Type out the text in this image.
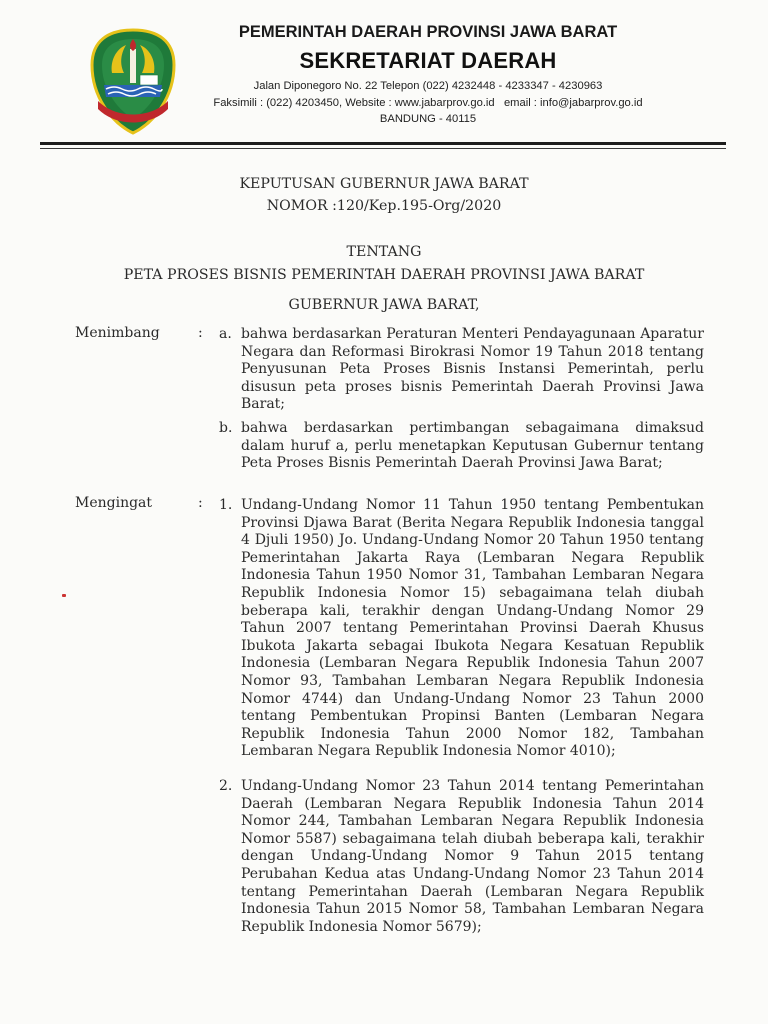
PEMERINTAH DAERAH PROVINSI JAWA BARAT
SEKRETARIAT DAERAH
Jalan Diponegoro No. 22 Telepon (022) 4232448 - 4233347 - 4230963
Faksimili : (022) 4203450, Website : www.jabarprov.go.id   email : info@jabarprov.go.id
BANDUNG - 40115
KEPUTUSAN GUBERNUR JAWA BARAT
NOMOR :120/Kep.195-Org/2020
TENTANG
PETA PROSES BISNIS PEMERINTAH DAERAH PROVINSI JAWA BARAT
GUBERNUR JAWA BARAT,
Menimbang	: a. bahwa berdasarkan Peraturan Menteri Pendayagunaan Aparatur Negara dan Reformasi Birokrasi Nomor 19 Tahun 2018 tentang Penyusunan Peta Proses Bisnis Instansi Pemerintah, perlu disusun peta proses bisnis Pemerintah Daerah Provinsi Jawa Barat;
b. bahwa berdasarkan pertimbangan sebagaimana dimaksud dalam huruf a, perlu menetapkan Keputusan Gubernur tentang Peta Proses Bisnis Pemerintah Daerah Provinsi Jawa Barat;
Mengingat	: 1. Undang-Undang Nomor 11 Tahun 1950 tentang Pembentukan Provinsi Djawa Barat (Berita Negara Republik Indonesia tanggal 4 Djuli 1950) Jo. Undang-Undang Nomor 20 Tahun 1950 tentang Pemerintahan Jakarta Raya (Lembaran Negara Republik Indonesia Tahun 1950 Nomor 31, Tambahan Lembaran Negara Republik Indonesia Nomor 15) sebagaimana telah diubah beberapa kali, terakhir dengan Undang-Undang Nomor 29 Tahun 2007 tentang Pemerintahan Provinsi Daerah Khusus Ibukota Jakarta sebagai Ibukota Negara Kesatuan Republik Indonesia (Lembaran Negara Republik Indonesia Tahun 2007 Nomor 93, Tambahan Lembaran Negara Republik Indonesia Nomor 4744) dan Undang-Undang Nomor 23 Tahun 2000 tentang Pembentukan Propinsi Banten (Lembaran Negara Republik Indonesia Tahun 2000 Nomor 182, Tambahan Lembaran Negara Republik Indonesia Nomor 4010);
2. Undang-Undang Nomor 23 Tahun 2014 tentang Pemerintahan Daerah (Lembaran Negara Republik Indonesia Tahun 2014 Nomor 244, Tambahan Lembaran Negara Republik Indonesia Nomor 5587) sebagaimana telah diubah beberapa kali, terakhir dengan Undang-Undang Nomor 9 Tahun 2015 tentang Perubahan Kedua atas Undang-Undang Nomor 23 Tahun 2014 tentang Pemerintahan Daerah (Lembaran Negara Republik Indonesia Tahun 2015 Nomor 58, Tambahan Lembaran Negara Republik Indonesia Nomor 5679);
